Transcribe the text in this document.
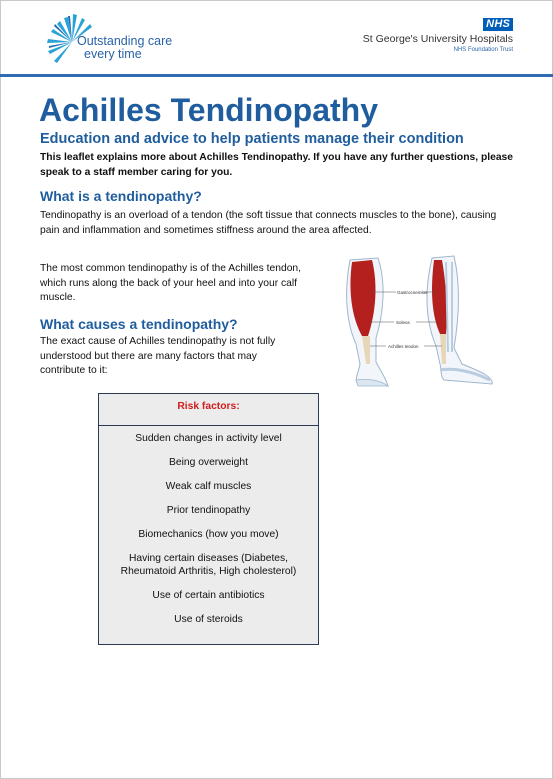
Outstanding care
every time
NHS
St George's University Hospitals
NHS Foundation Trust
Achilles Tendinopathy
Education and advice to help patients manage their condition
This leaflet explains more about Achilles Tendinopathy. If you have any further questions, please speak to a staff member caring for you.
What is a tendinopathy?
Tendinopathy is an overload of a tendon (the soft tissue that connects muscles to the bone), causing pain and inflammation and sometimes stiffness around the area affected.
The most common tendinopathy is of the Achilles tendon, which runs along the back of your heel and into your calf muscle.	Gastrocnemius
Soleus
Achilles tendon
What causes a tendinopathy?
The exact cause of Achilles tendinopathy is not fully understood but there are many factors that may contribute to it:
Risk factors:
Sudden changes in activity level
Being overweight
Weak calf muscles
Prior tendinopathy
Biomechanics (how you move)
Having certain diseases (Diabetes, Rheumatoid Arthritis, High cholesterol)
Use of certain antibiotics
Use of steroids
